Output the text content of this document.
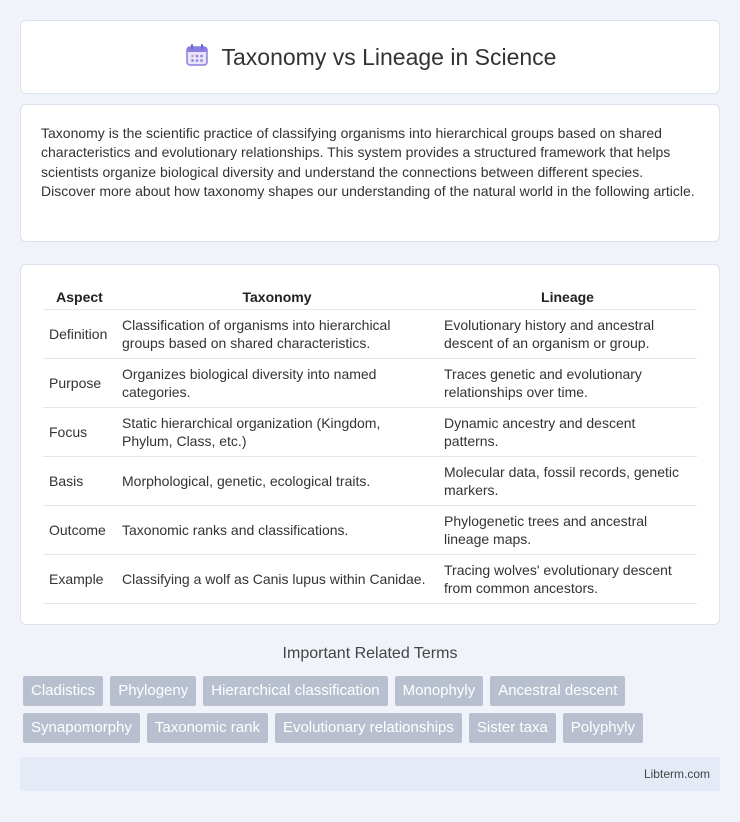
Taxonomy vs Lineage in Science

Taxonomy is the scientific practice of classifying organisms into hierarchical groups based on shared characteristics and evolutionary relationships. This system provides a structured framework that helps scientists organize biological diversity and understand the connections between different species. Discover more about how taxonomy shapes our understanding of the natural world in the following article.

Aspect	Taxonomy	Lineage
Definition	Classification of organisms into hierarchical groups based on shared characteristics.	Evolutionary history and ancestral descent of an organism or group.
Purpose	Organizes biological diversity into named categories.	Traces genetic and evolutionary relationships over time.
Focus	Static hierarchical organization (Kingdom, Phylum, Class, etc.)	Dynamic ancestry and descent patterns.
Basis	Morphological, genetic, ecological traits.	Molecular data, fossil records, genetic markers.
Outcome	Taxonomic ranks and classifications.	Phylogenetic trees and ancestral lineage maps.
Example	Classifying a wolf as Canis lupus within Canidae.	Tracing wolves' evolutionary descent from common ancestors.
Important Related Terms
Cladistics	Phylogeny	Hierarchical classification	Monophyly	Ancestral descent
Synapomorphy	Taxonomic rank	Evolutionary relationships	Sister taxa	Polyphyly
Libterm.com
